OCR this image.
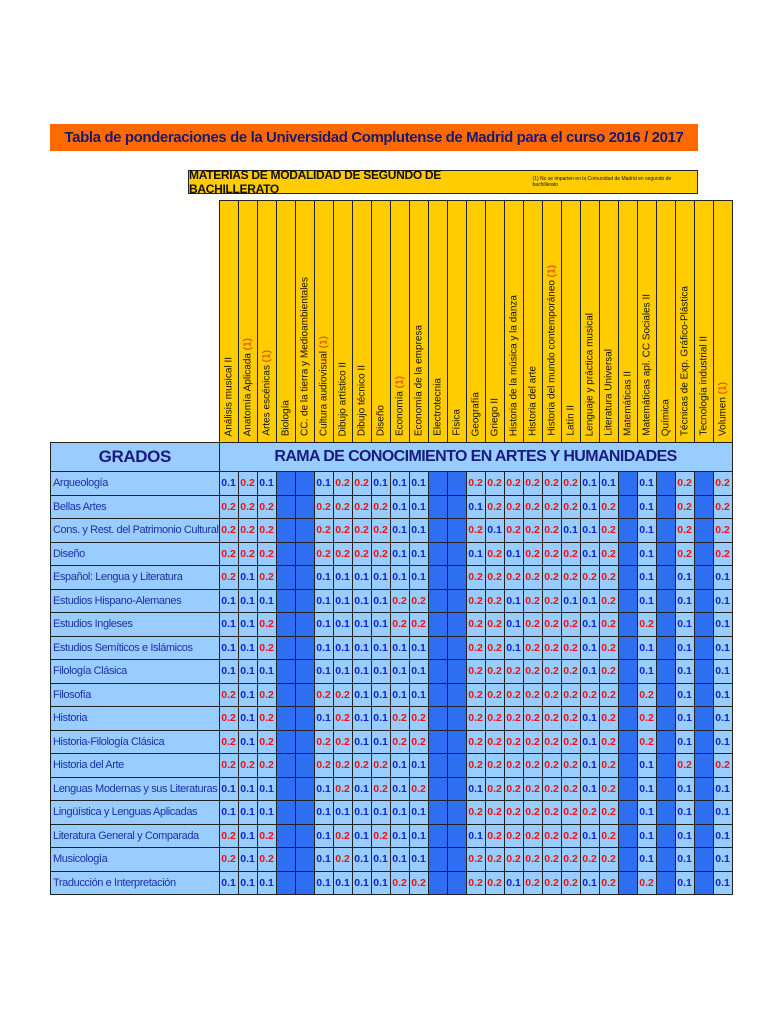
Tabla de ponderaciones de la Universidad Complutense de Madrid para el curso 2016 / 2017
MATERIAS DE MODALIDAD DE SEGUNDO DE BACHILLERATO
(1) No se imparten en la Comunidad de Madrid en segundo de bachillerato

	Análisis musical II	Anatomía Aplicada (1)	Artes escénicas (1)	Biología	CC. de la tierra y Medioambientales	Cultura audiovisual (1)	Dibujo artístico II	Dibujo técnico II	Diseño	Economía (1)	Economía de la empresa	Electrotecnia	Física	Geografía	Griego II	Historia de la música y la danza	Historia del arte	Historia del mundo contemporáneo (1)	Latín II	Lenguaje y práctica musical	Literatura Universal	Matemáticas II	Matemáticas apl. CC Sociales II	Química	Técnicas de Exp. Gráfico-Plástica	Tecnología industrial II	Volumen (1)

GRADOS	RAMA DE CONOCIMIENTO EN ARTES Y HUMANIDADES																										
Arqueología	0.1	0.2	0.1			0.1	0.2	0.2	0.1	0.1	0.1			0.2	0.2	0.2	0.2	0.2	0.2	0.1	0.1		0.1		0.2		0.2
Bellas Artes	0.2	0.2	0.2			0.2	0.2	0.2	0.2	0.1	0.1			0.1	0.2	0.2	0.2	0.2	0.2	0.1	0.2		0.1		0.2		0.2
Cons. y Rest. del Patrimonio Cultural	0.2	0.2	0.2			0.2	0.2	0.2	0.2	0.1	0.1			0.2	0.1	0.2	0.2	0.2	0.1	0.1	0.2		0.1		0.2		0.2
Diseño	0.2	0.2	0.2			0.2	0.2	0.2	0.2	0.1	0.1			0.1	0.2	0.1	0.2	0.2	0.2	0.1	0.2		0.1		0.2		0.2
Español: Lengua y Literatura	0.2	0.1	0.2			0.1	0.1	0.1	0.1	0.1	0.1			0.2	0.2	0.2	0.2	0.2	0.2	0.2	0.2		0.1		0.1		0.1
Estudios Hispano-Alemanes	0.1	0.1	0.1			0.1	0.1	0.1	0.1	0.2	0.2			0.2	0.2	0.1	0.2	0.2	0.1	0.1	0.2		0.1		0.1		0.1
Estudios Ingleses	0.1	0.1	0.2			0.1	0.1	0.1	0.1	0.2	0.2			0.2	0.2	0.1	0.2	0.2	0.2	0.1	0.2		0.2		0.1		0.1
Estudios Semíticos e Islámicos	0.1	0.1	0.2			0.1	0.1	0.1	0.1	0.1	0.1			0.2	0.2	0.1	0.2	0.2	0.2	0.1	0.2		0.1		0.1		0.1
Filología Clásica	0.1	0.1	0.1			0.1	0.1	0.1	0.1	0.1	0.1			0.2	0.2	0.2	0.2	0.2	0.2	0.1	0.2		0.1		0.1		0.1
Filosofía	0.2	0.1	0.2			0.2	0.2	0.1	0.1	0.1	0.1			0.2	0.2	0.2	0.2	0.2	0.2	0.2	0.2		0.2		0.1		0.1
Historia	0.2	0.1	0.2			0.1	0.2	0.1	0.1	0.2	0.2			0.2	0.2	0.2	0.2	0.2	0.2	0.1	0.2		0.2		0.1		0.1
Historia-Filología Clásica	0.2	0.1	0.2			0.2	0.2	0.1	0.1	0.2	0.2			0.2	0.2	0.2	0.2	0.2	0.2	0.1	0.2		0.2		0.1		0.1
Historia del Arte	0.2	0.2	0.2			0.2	0.2	0.2	0.2	0.1	0.1			0.2	0.2	0.2	0.2	0.2	0.2	0.1	0.2		0.1		0.2		0.2
Lenguas Modernas y sus Literaturas	0.1	0.1	0.1			0.1	0.2	0.1	0.2	0.1	0.2			0.1	0.2	0.2	0.2	0.2	0.2	0.1	0.2		0.1		0.1		0.1
Lingüística y Lenguas Aplicadas	0.1	0.1	0.1			0.1	0.1	0.1	0.1	0.1	0.1			0.2	0.2	0.2	0.2	0.2	0.2	0.2	0.2		0.1		0.1		0.1
Literatura General y Comparada	0.2	0.1	0.2			0.1	0.2	0.1	0.2	0.1	0.1			0.1	0.2	0.2	0.2	0.2	0.2	0.1	0.2		0.1		0.1		0.1
Musicología	0.2	0.1	0.2			0.1	0.2	0.1	0.1	0.1	0.1			0.2	0.2	0.2	0.2	0.2	0.2	0.2	0.2		0.1		0.1		0.1
Traducción e Interpretación	0.1	0.1	0.1			0.1	0.1	0.1	0.1	0.2	0.2			0.2	0.2	0.1	0.2	0.2	0.2	0.1	0.2		0.2		0.1		0.1
